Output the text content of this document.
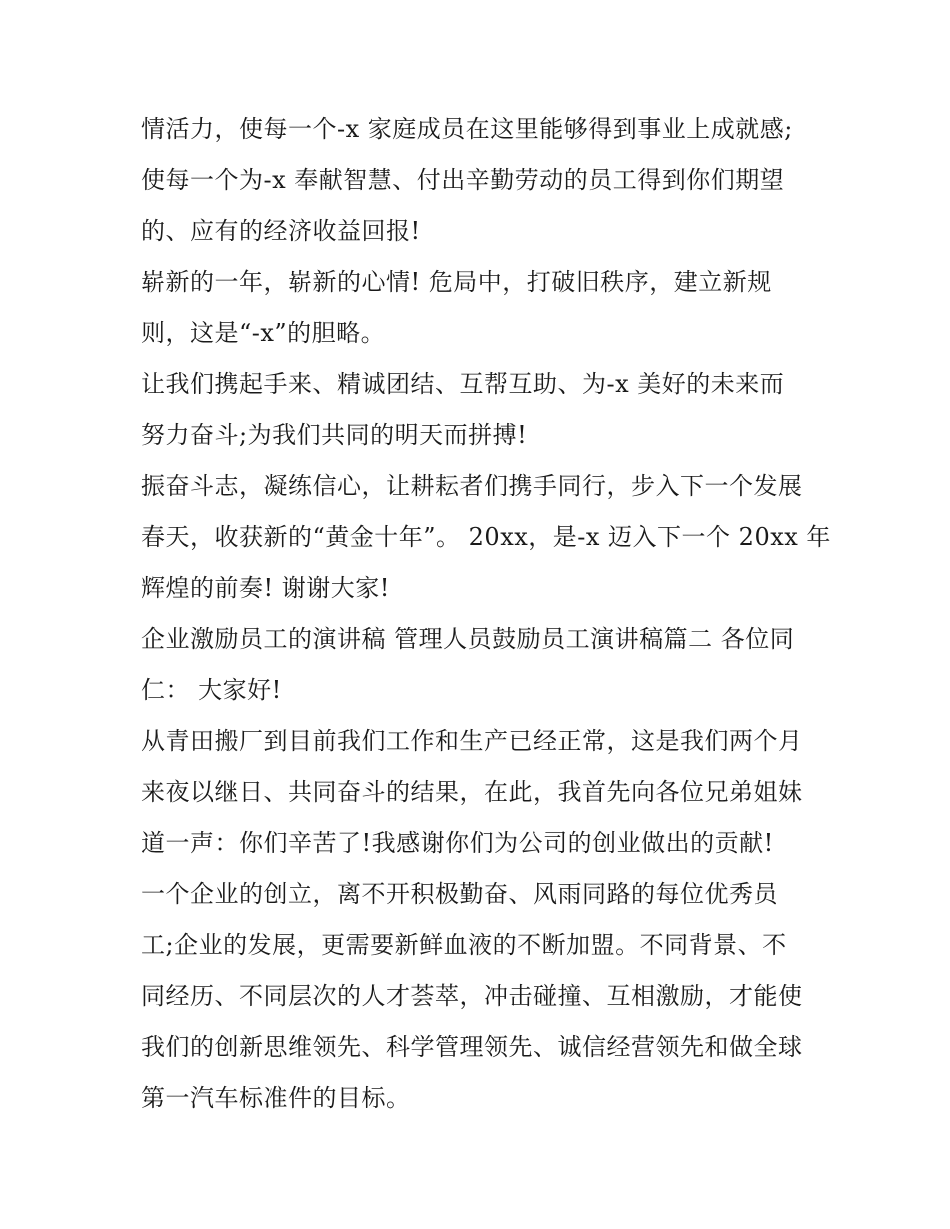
情活力，使每一个-x 家庭成员在这里能够得到事业上成就感;
使每一个为-x 奉献智慧、付出辛勤劳动的员工得到你们期望
的、应有的经济收益回报!
崭新的一年，崭新的心情! 危局中，打破旧秩序，建立新规
则，这是“-x”的胆略。
让我们携起手来、精诚团结、互帮互助、为-x 美好的未来而
努力奋斗;为我们共同的明天而拼搏!
振奋斗志，凝练信心，让耕耘者们携手同行，步入下一个发展
春天，收获新的“黄金十年”。 20xx，是-x 迈入下一个 20xx 年
辉煌的前奏! 谢谢大家!
企业激励员工的演讲稿 管理人员鼓励员工演讲稿篇二 各位同
仁： 大家好!
从青田搬厂到目前我们工作和生产已经正常，这是我们两个月
来夜以继日、共同奋斗的结果，在此，我首先向各位兄弟姐妹
道一声：你们辛苦了!我感谢你们为公司的创业做出的贡献!
一个企业的创立，离不开积极勤奋、风雨同路的每位优秀员
工;企业的发展，更需要新鲜血液的不断加盟。不同背景、不
同经历、不同层次的人才荟萃，冲击碰撞、互相激励，才能使
我们的创新思维领先、科学管理领先、诚信经营领先和做全球
第一汽车标准件的目标。
